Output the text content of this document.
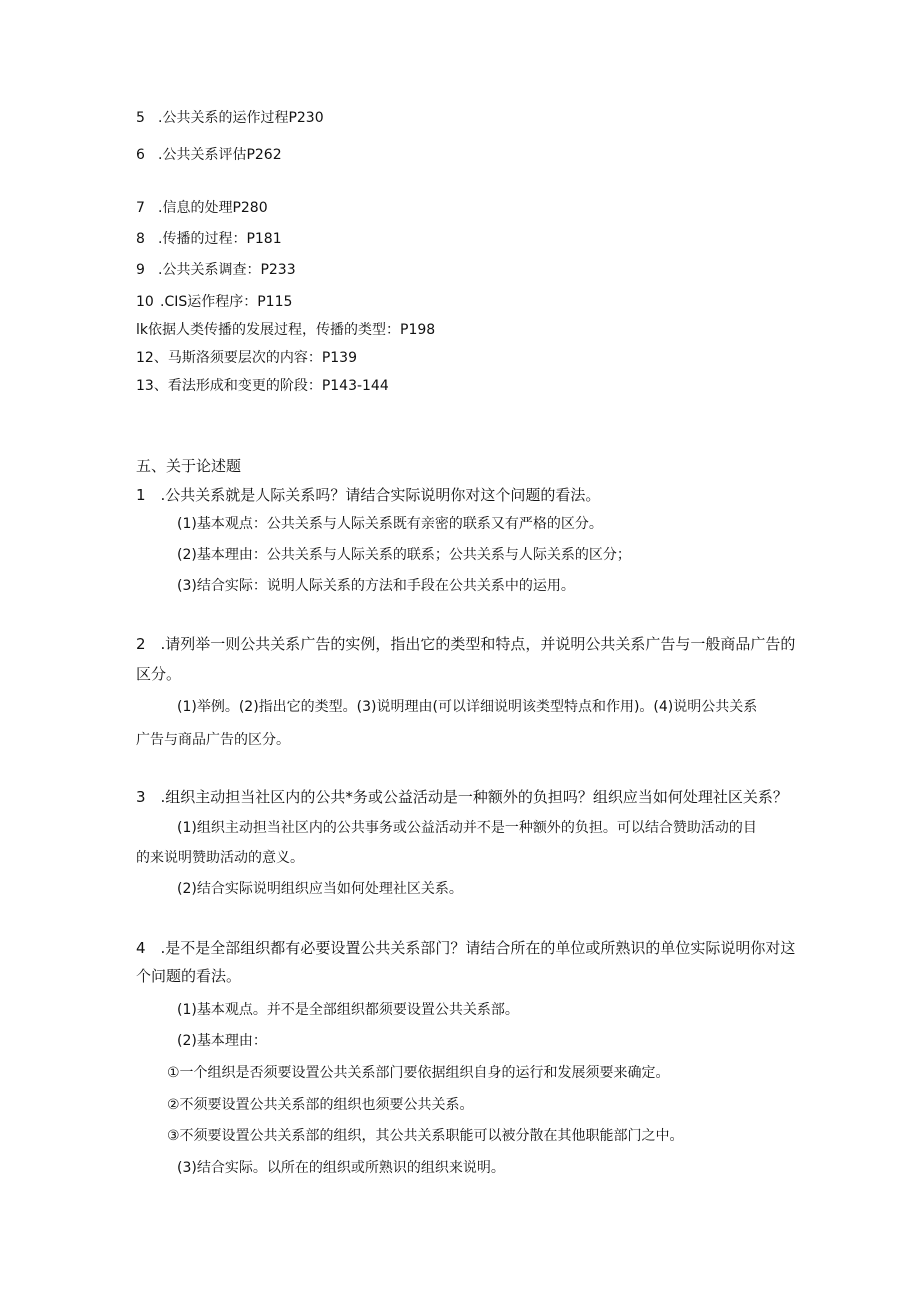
5 .公共关系的运作过程P230
6 .公共关系评估P262
7 .信息的处理P280
8 .传播的过程：P181
9 .公共关系调查：P233
10 .CIS运作程序：P115
lk依据人类传播的发展过程，传播的类型：P198
12、马斯洛须要层次的内容：P139
13、看法形成和变更的阶段：P143-144
五、关于论述题
1　.公共关系就是人际关系吗？请结合实际说明你对这个问题的看法。
(1)基本观点：公共关系与人际关系既有亲密的联系又有严格的区分。
(2)基本理由：公共关系与人际关系的联系；公共关系与人际关系的区分；
(3)结合实际：说明人际关系的方法和手段在公共关系中的运用。
2　.请列举一则公共关系广告的实例，指出它的类型和特点，并说明公共关系广告与一般商品广告的
区分。
(1)举例。(2)指出它的类型。(3)说明理由(可以详细说明该类型特点和作用)。(4)说明公共关系
广告与商品广告的区分。
3　.组织主动担当社区内的公共*务或公益活动是一种额外的负担吗？组织应当如何处理社区关系？
(1)组织主动担当社区内的公共事务或公益活动并不是一种额外的负担。可以结合赞助活动的目
的来说明赞助活动的意义。
(2)结合实际说明组织应当如何处理社区关系。
4　.是不是全部组织都有必要设置公共关系部门？请结合所在的单位或所熟识的单位实际说明你对这
个问题的看法。
(1)基本观点。并不是全部组织都须要设置公共关系部。
(2)基本理由：
①一个组织是否须要设置公共关系部门要依据组织自身的运行和发展须要来确定。
②不须要设置公共关系部的组织也须要公共关系。
③不须要设置公共关系部的组织，其公共关系职能可以被分散在其他职能部门之中。
(3)结合实际。以所在的组织或所熟识的组织来说明。
